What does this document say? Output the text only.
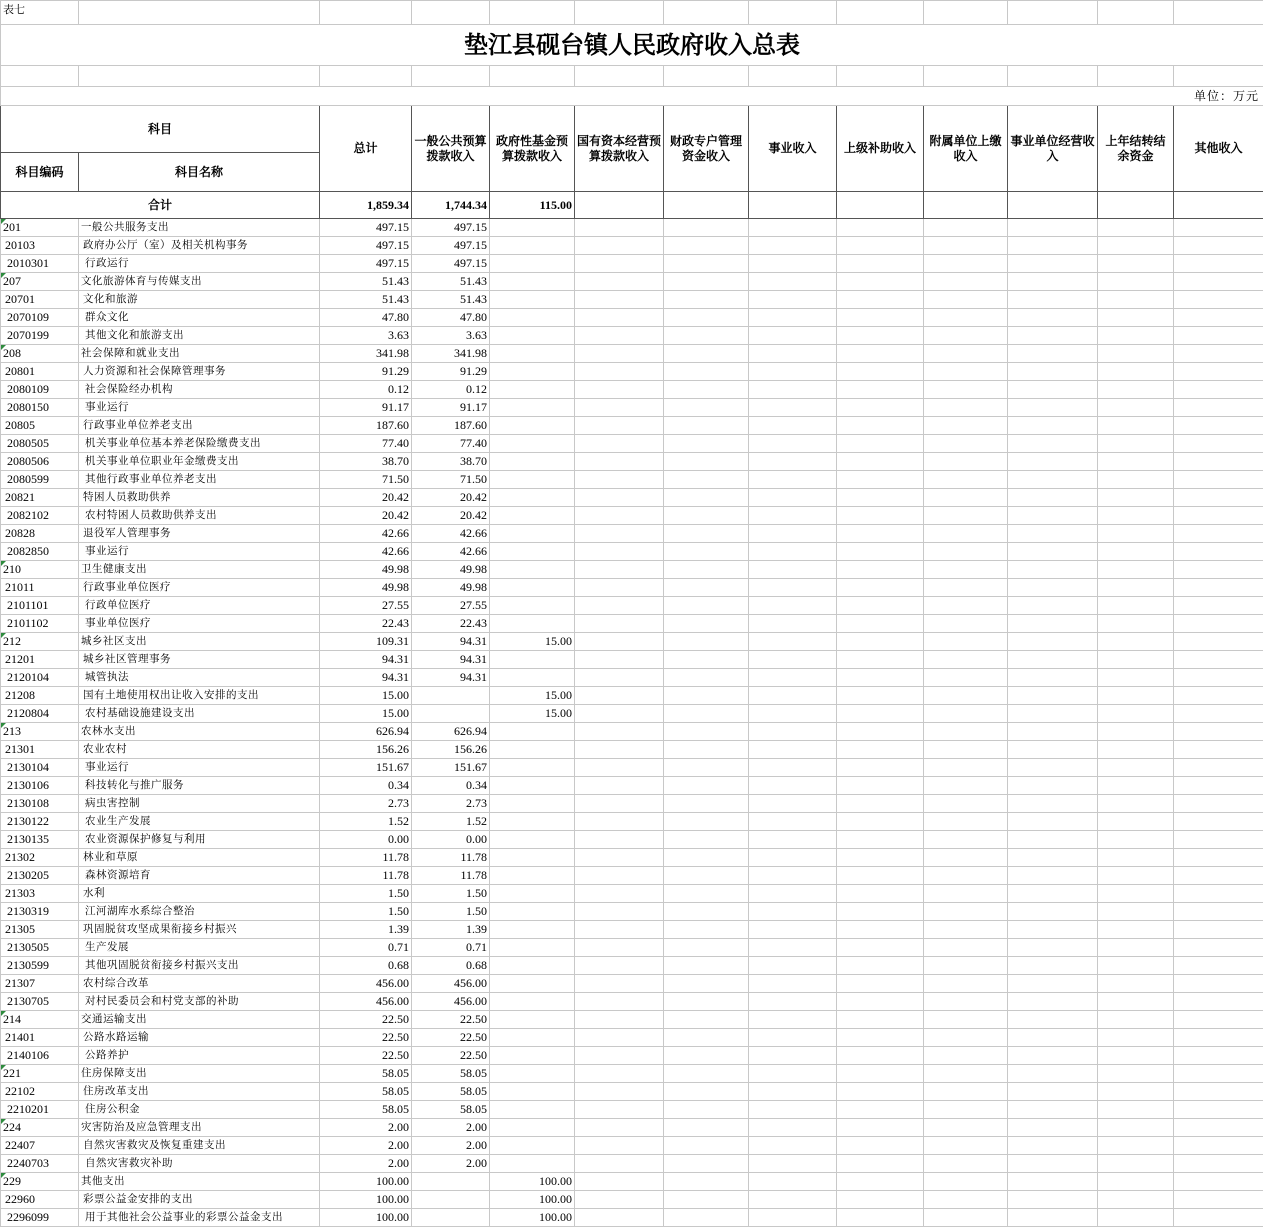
表七												
垫江县砚台镇人民政府收入总表												

单位：万元												
科目		总计	一般公共预算拨款收入	政府性基金预算拨款收入	国有资本经营预算拨款收入	财政专户管理资金收入	事业收入	上级补助收入	附属单位上缴收入	事业单位经营收入	上年结转结余资金	其他收入
科目编码	科目名称											
合计		1,859.34	1,744.34	115.00								
201	一般公共服务支出	497.15	497.15									
20103	政府办公厅（室）及相关机构事务	497.15	497.15									
2010301	行政运行	497.15	497.15									
207	文化旅游体育与传媒支出	51.43	51.43									
20701	文化和旅游	51.43	51.43									
2070109	群众文化	47.80	47.80									
2070199	其他文化和旅游支出	3.63	3.63									
208	社会保障和就业支出	341.98	341.98									
20801	人力资源和社会保障管理事务	91.29	91.29									
2080109	社会保险经办机构	0.12	0.12									
2080150	事业运行	91.17	91.17									
20805	行政事业单位养老支出	187.60	187.60									
2080505	机关事业单位基本养老保险缴费支出	77.40	77.40									
2080506	机关事业单位职业年金缴费支出	38.70	38.70									
2080599	其他行政事业单位养老支出	71.50	71.50									
20821	特困人员救助供养	20.42	20.42									
2082102	农村特困人员救助供养支出	20.42	20.42									
20828	退役军人管理事务	42.66	42.66									
2082850	事业运行	42.66	42.66									
210	卫生健康支出	49.98	49.98									
21011	行政事业单位医疗	49.98	49.98									
2101101	行政单位医疗	27.55	27.55									
2101102	事业单位医疗	22.43	22.43									
212	城乡社区支出	109.31	94.31	15.00								
21201	城乡社区管理事务	94.31	94.31									
2120104	城管执法	94.31	94.31									
21208	国有土地使用权出让收入安排的支出	15.00		15.00								
2120804	农村基础设施建设支出	15.00		15.00								
213	农林水支出	626.94	626.94									
21301	农业农村	156.26	156.26									
2130104	事业运行	151.67	151.67									
2130106	科技转化与推广服务	0.34	0.34									
2130108	病虫害控制	2.73	2.73									
2130122	农业生产发展	1.52	1.52									
2130135	农业资源保护修复与利用	0.00	0.00									
21302	林业和草原	11.78	11.78									
2130205	森林资源培育	11.78	11.78									
21303	水利	1.50	1.50									
2130319	江河湖库水系综合整治	1.50	1.50									
21305	巩固脱贫攻坚成果衔接乡村振兴	1.39	1.39									
2130505	生产发展	0.71	0.71									
2130599	其他巩固脱贫衔接乡村振兴支出	0.68	0.68									
21307	农村综合改革	456.00	456.00									
2130705	对村民委员会和村党支部的补助	456.00	456.00									
214	交通运输支出	22.50	22.50									
21401	公路水路运输	22.50	22.50									
2140106	公路养护	22.50	22.50									
221	住房保障支出	58.05	58.05									
22102	住房改革支出	58.05	58.05									
2210201	住房公积金	58.05	58.05									
224	灾害防治及应急管理支出	2.00	2.00									
22407	自然灾害救灾及恢复重建支出	2.00	2.00									
2240703	自然灾害救灾补助	2.00	2.00									
229	其他支出	100.00		100.00								
22960	彩票公益金安排的支出	100.00		100.00								
2296099	用于其他社会公益事业的彩票公益金支出	100.00		100.00								
